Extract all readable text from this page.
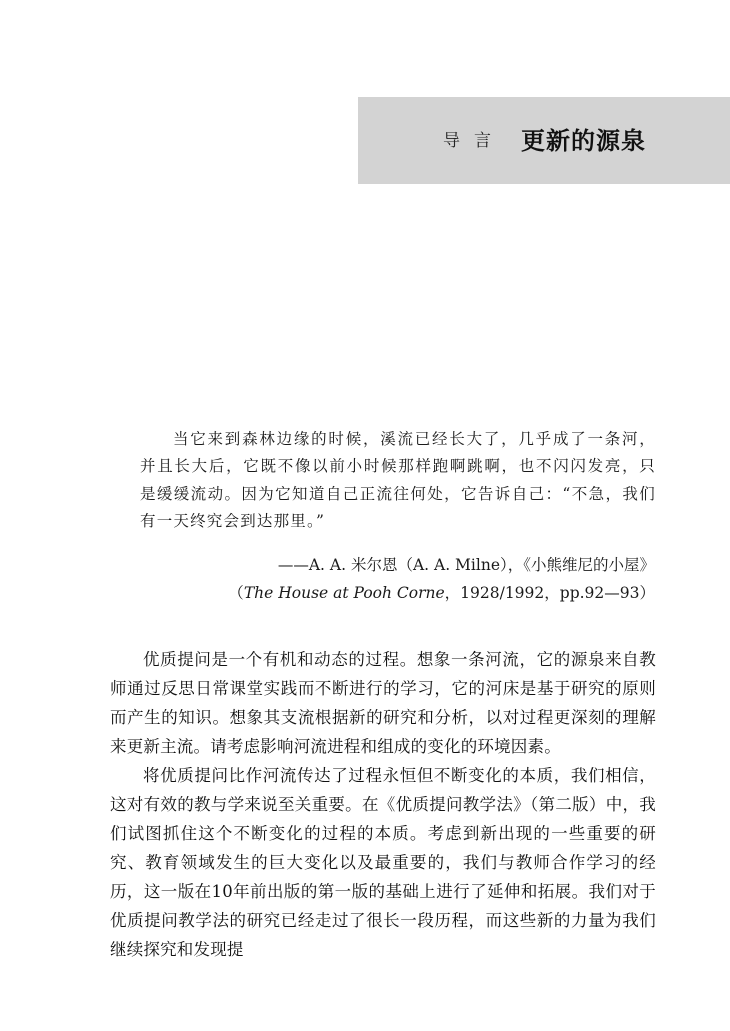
导言 更新的源泉
当它来到森林边缘的时候，溪流已经长大了，几乎成了一条河，并且长大后，它既不像以前小时候那样跑啊跳啊，也不闪闪发亮，只是缓缓流动。因为它知道自己正流往何处，它告诉自己：“不急，我们有一天终究会到达那里。”
——A. A. 米尔恩（A. A. Milne），《小熊维尼的小屋》
（The House at Pooh Corne，1928/1992，pp.92—93）

优质提问是一个有机和动态的过程。想象一条河流，它的源泉来自教师通过反思日常课堂实践而不断进行的学习，它的河床是基于研究的原则而产生的知识。想象其支流根据新的研究和分析，以对过程更深刻的理解来更新主流。请考虑影响河流进程和组成的变化的环境因素。

将优质提问比作河流传达了过程永恒但不断变化的本质，我们相信，这对有效的教与学来说至关重要。在《优质提问教学法》（第二版）中，我们试图抓住这个不断变化的过程的本质。考虑到新出现的一些重要的研究、教育领域发生的巨大变化以及最重要的，我们与教师合作学习的经历，这一版在10年前出版的第一版的基础上进行了延伸和拓展。我们对于优质提问教学法的研究已经走过了很长一段历程，而这些新的力量为我们继续探究和发现提
